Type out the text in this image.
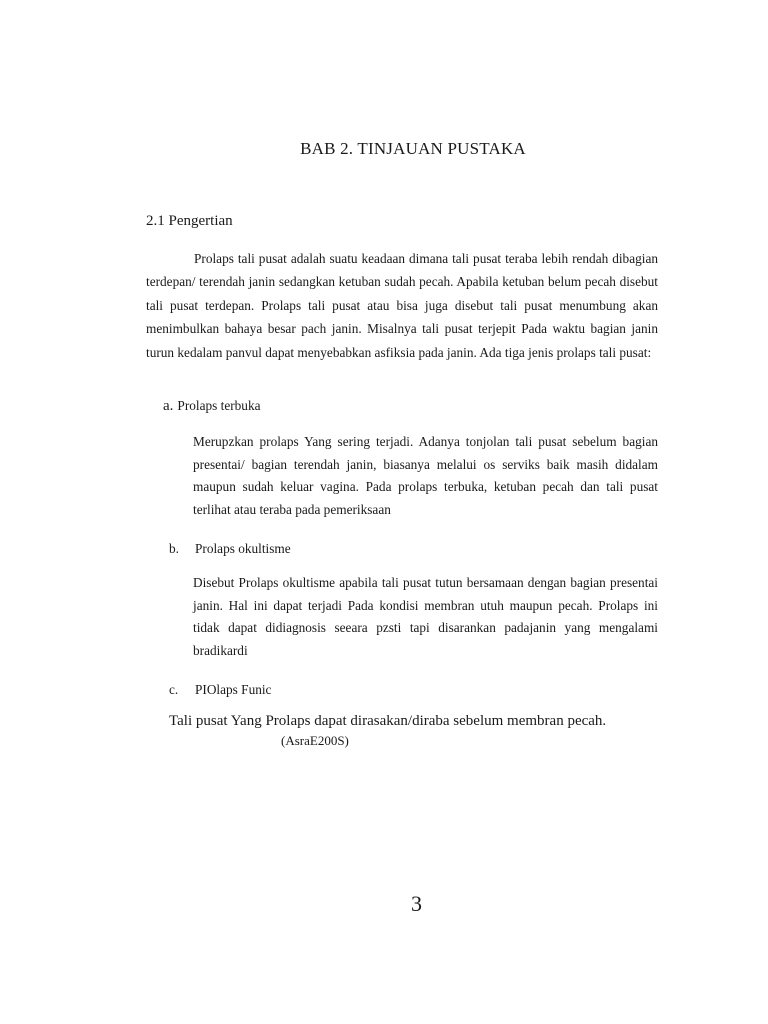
BAB 2. TINJAUAN PUSTAKA
2.1 Pengertian
Prolaps tali pusat adalah suatu keadaan dimana tali pusat teraba lebih rendah dibagian terdepan/ terendah janin sedangkan ketuban sudah pecah. Apabila ketuban belum pecah disebut tali pusat terdepan. Prolaps tali pusat atau bisa juga disebut tali pusat menumbung akan menimbulkan bahaya besar pach janin. Misalnya tali pusat terjepit Pada waktu bagian janin turun kedalam panvul dapat menyebabkan asfiksia pada janin. Ada tiga jenis prolaps tali pusat:
a. Prolaps terbuka
Merupzkan prolaps Yang sering terjadi. Adanya tonjolan tali pusat sebelum bagian presentai/ bagian terendah janin, biasanya melalui os serviks baik masih didalam maupun sudah keluar vagina. Pada prolaps terbuka, ketuban pecah dan tali pusat terlihat atau teraba pada pemeriksaan
b. Prolaps okultisme
Disebut Prolaps okultisme apabila tali pusat tutun bersamaan dengan bagian presentai janin. Hal ini dapat terjadi Pada kondisi membran utuh maupun pecah. Prolaps ini tidak dapat didiagnosis seeara pzsti tapi disarankan padajanin yang mengalami bradikardi
c. PIOlaps Funic
Tali pusat Yang Prolaps dapat dirasakan/diraba sebelum membran pecah.
(AsraE200S)
3
